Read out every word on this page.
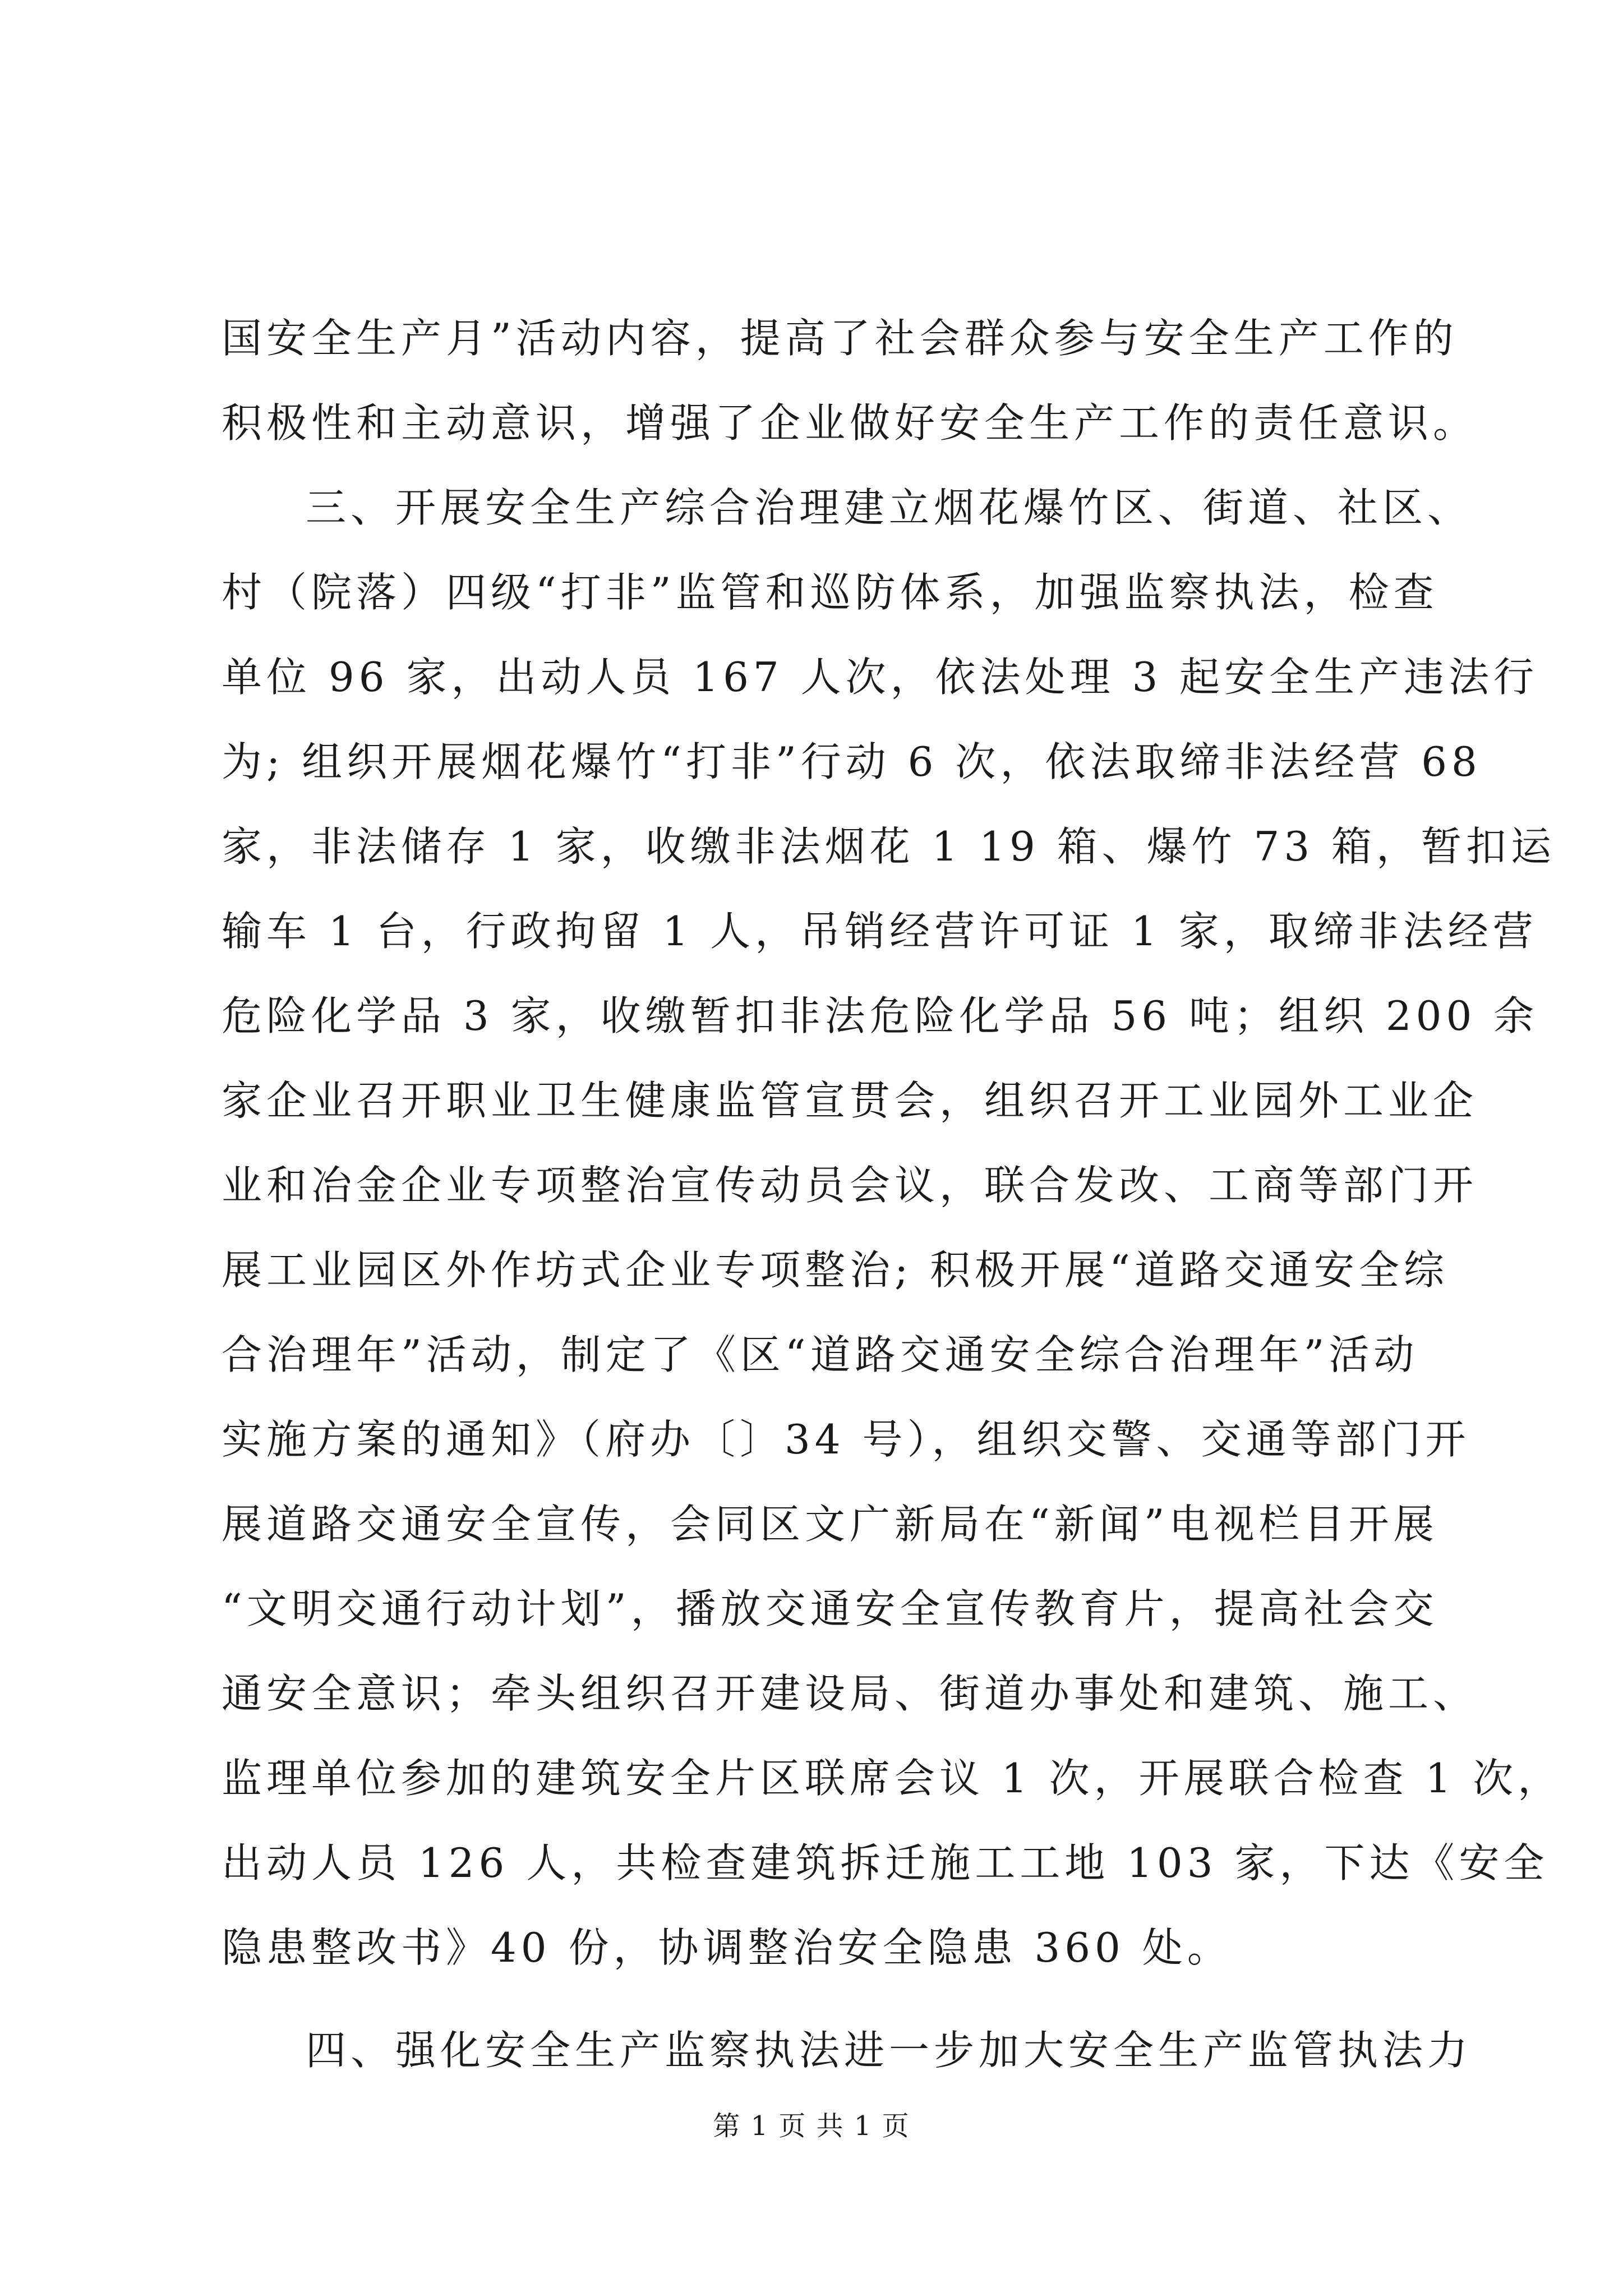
国安全生产月”活动内容，提高了社会群众参与安全生产工作的
积极性和主动意识，增强了企业做好安全生产工作的责任意识。
三、开展安全生产综合治理建立烟花爆竹区、街道、社区、
村（院落）四级“打非”监管和巡防体系，加强监察执法，检查
单位 96 家，出动人员 167 人次，依法处理 3 起安全生产违法行
为; 组织开展烟花爆竹“打非”行动 6 次，依法取缔非法经营 68
家，非法储存 1 家，收缴非法烟花 1 19 箱、爆竹 73 箱，暂扣运
输车 1 台，行政拘留 1 人，吊销经营许可证 1 家，取缔非法经营
危险化学品 3 家，收缴暂扣非法危险化学品 56 吨；组织 200 余
家企业召开职业卫生健康监管宣贯会，组织召开工业园外工业企
业和冶金企业专项整治宣传动员会议，联合发改、工商等部门开
展工业园区外作坊式企业专项整治; 积极开展“道路交通安全综
合治理年”活动，制定了《区“道路交通安全综合治理年”活动
实施方案的通知》（府办〔〕34 号），组织交警、交通等部门开
展道路交通安全宣传，会同区文广新局在“新闻”电视栏目开展
“文明交通行动计划”，播放交通安全宣传教育片，提高社会交
通安全意识；牵头组织召开建设局、街道办事处和建筑、施工、
监理单位参加的建筑安全片区联席会议 1 次，开展联合检查 1 次，
出动人员 126 人，共检查建筑拆迁施工工地 103 家，下达《安全
隐患整改书》40 份，协调整治安全隐患 360 处。
四、强化安全生产监察执法进一步加大安全生产监管执法力
第 1 页 共 1 页
